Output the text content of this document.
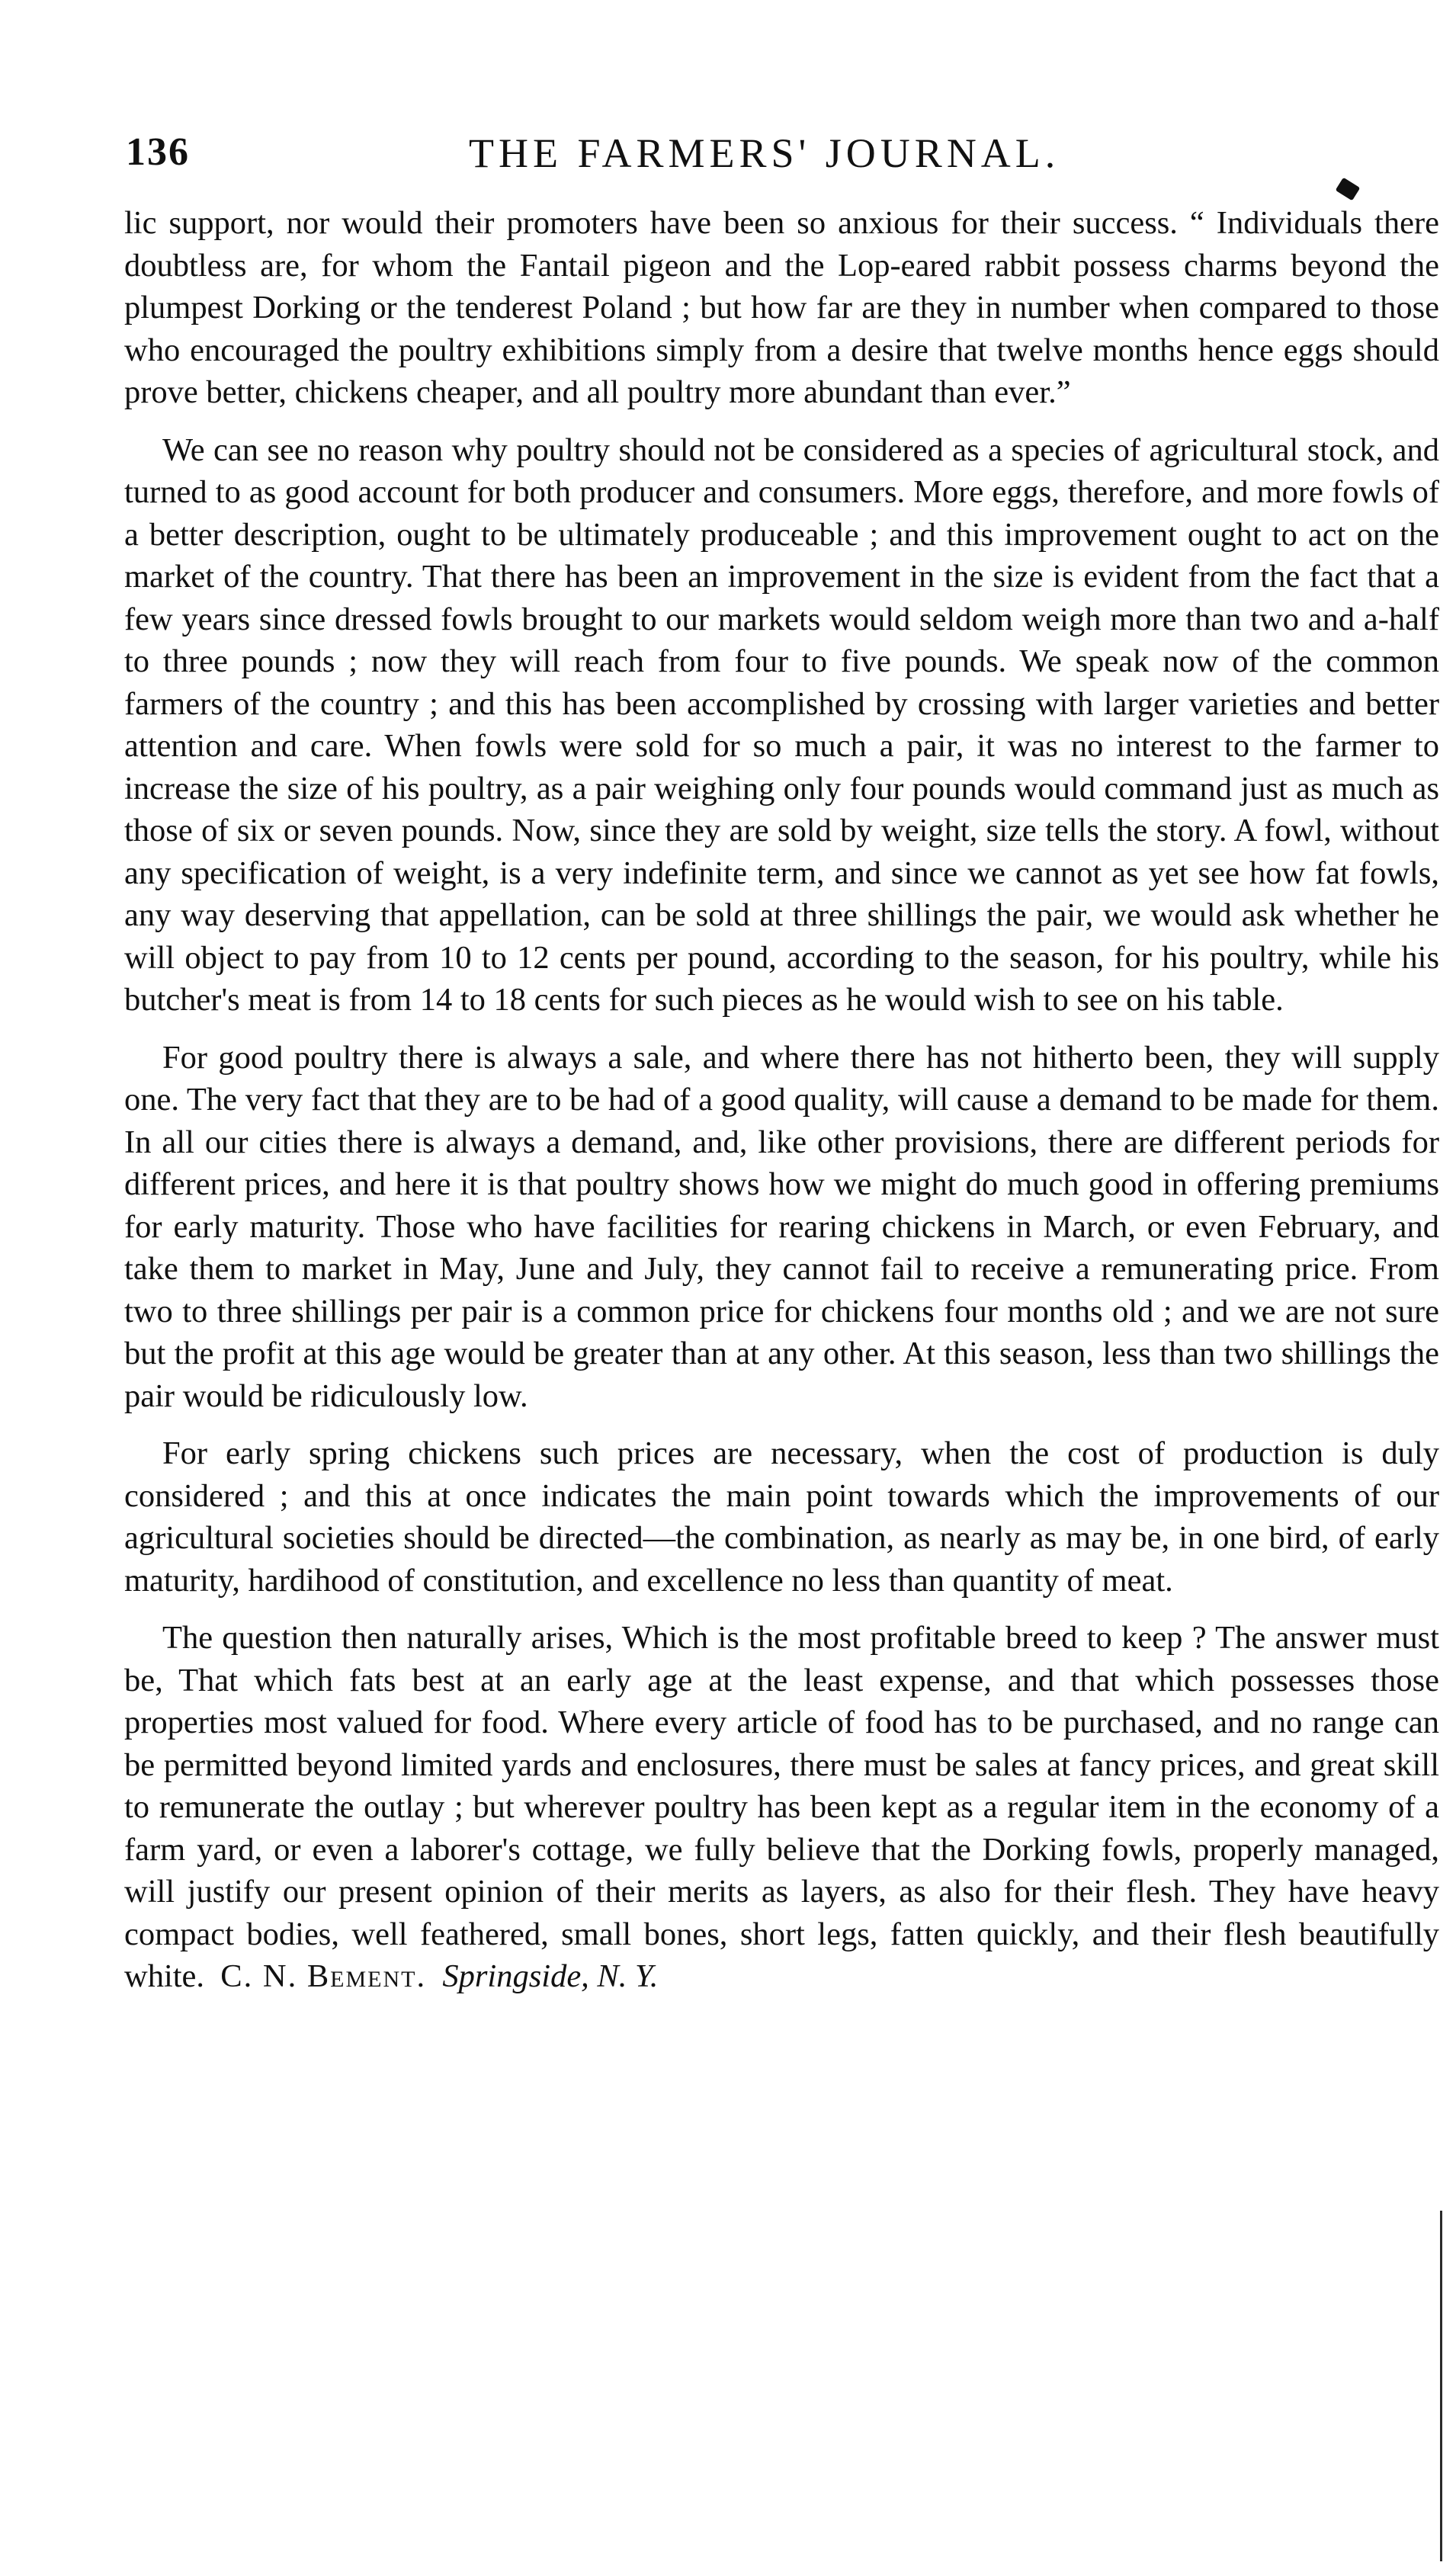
136	THE FARMERS' JOURNAL.

lic support, nor would their promoters have been so anxious for their success. “ Individuals there doubtless are, for whom the Fantail pigeon and the Lop-eared rabbit possess charms beyond the plumpest Dorking or the tenderest Poland ; but how far are they in number when compared to those who encouraged the poultry exhibitions simply from a desire that twelve months hence eggs should prove better, chickens cheaper, and all poultry more abundant than ever.”

We can see no reason why poultry should not be considered as a species of agricultural stock, and turned to as good account for both producer and consumers. More eggs, therefore, and more fowls of a better description, ought to be ultimately produceable ; and this improvement ought to act on the market of the country. That there has been an improvement in the size is evident from the fact that a few years since dressed fowls brought to our markets would seldom weigh more than two and a-half to three pounds ; now they will reach from four to five pounds. We speak now of the common farmers of the country ; and this has been accomplished by crossing with larger varieties and better attention and care. When fowls were sold for so much a pair, it was no interest to the farmer to increase the size of his poultry, as a pair weighing only four pounds would command just as much as those of six or seven pounds. Now, since they are sold by weight, size tells the story. A fowl, without any specification of weight, is a very indefinite term, and since we cannot as yet see how fat fowls, any way deserving that appellation, can be sold at three shillings the pair, we would ask whether he will object to pay from 10 to 12 cents per pound, according to the season, for his poultry, while his butcher's meat is from 14 to 18 cents for such pieces as he would wish to see on his table.

For good poultry there is always a sale, and where there has not hitherto been, they will supply one. The very fact that they are to be had of a good quality, will cause a demand to be made for them. In all our cities there is always a demand, and, like other provisions, there are different periods for different prices, and here it is that poultry shows how we might do much good in offering premiums for early maturity. Those who have facilities for rearing chickens in March, or even February, and take them to market in May, June and July, they cannot fail to receive a remunerating price. From two to three shillings per pair is a common price for chickens four months old ; and we are not sure but the profit at this age would be greater than at any other. At this season, less than two shillings the pair would be ridiculously low.

For early spring chickens such prices are necessary, when the cost of production is duly considered ; and this at once indicates the main point towards which the improvements of our agricultural societies should be directed—the combination, as nearly as may be, in one bird, of early maturity, hardihood of constitution, and excellence no less than quantity of meat.

The question then naturally arises, Which is the most profitable breed to keep ? The answer must be, That which fats best at an early age at the least expense, and that which possesses those properties most valued for food. Where every article of food has to be purchased, and no range can be permitted beyond limited yards and enclosures, there must be sales at fancy prices, and great skill to remunerate the outlay ; but wherever poultry has been kept as a regular item in the economy of a farm yard, or even a laborer's cottage, we fully believe that the Dorking fowls, properly managed, will justify our present opinion of their merits as layers, as also for their flesh. They have heavy compact bodies, well feathered, small bones, short legs, fatten quickly, and their flesh beautifully white. C. N. Bement. Springside, N. Y.
